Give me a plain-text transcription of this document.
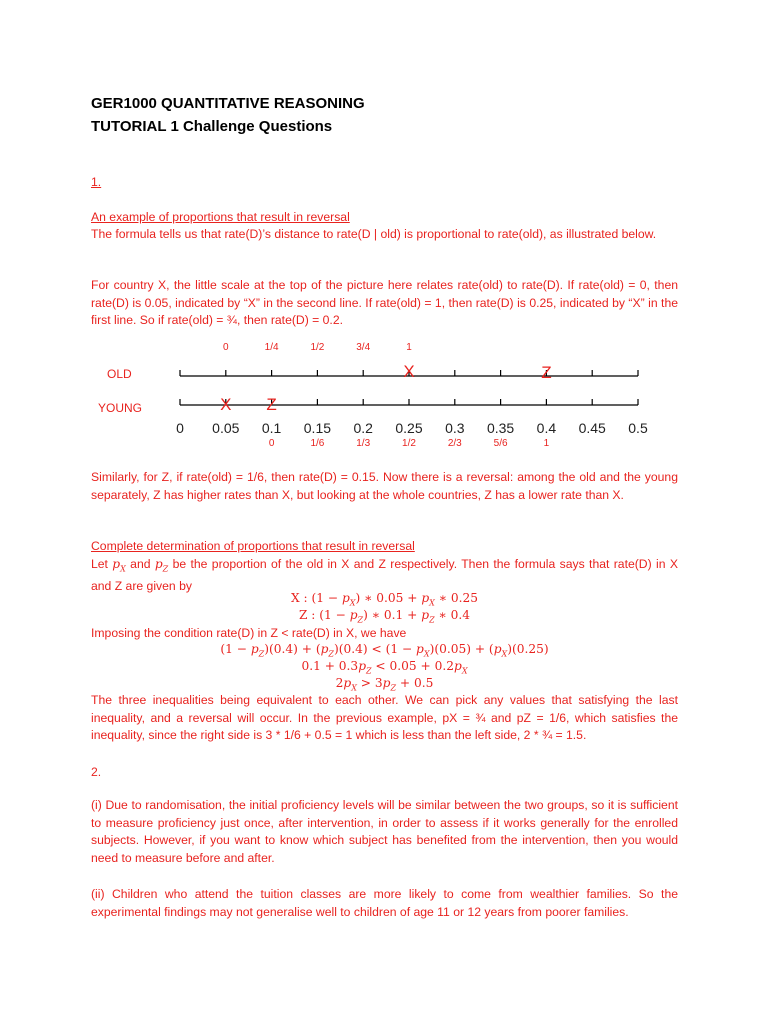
GER1000 QUANTITATIVE REASONING
TUTORIAL 1 Challenge Questions
1.
An example of proportions that result in reversal

The formula tells us that rate(D)’s distance to rate(D | old) is proportional to rate(old), as illustrated below.

For country X, the little scale at the top of the picture here relates rate(old) to rate(D). If rate(old) = 0, then rate(D) is 0.05, indicated by “X” in the second line. If rate(old) = 1, then rate(D) is 0.25, indicated by “X” in the first line. So if rate(old) = ¾, then rate(D) = 0.2.

0	1/4	1/2	3/4	1
OLD
YOUNG
0 0.05 0.1 0.15 0.2 0.25 0.3 0.35 0.4 0.45 0.5
0	1/6	1/3	1/2	2/3	5/6	1
X	Z
X Z

Similarly, for Z, if rate(old) = 1/6, then rate(D) = 0.15. Now there is a reversal: among the old and the young separately, Z has higher rates than X, but looking at the whole countries, Z has a lower rate than X.

Complete determination of proportions that result in reversal

Let $p_X$ and $p_Z$ be the proportion of the old in X and Z respectively. Then the formula says that rate(D) in X and Z are given by

X : $(1 - p_X)$ ∗ $0.05 + p_X$ ∗ 0.25
Z : $(1 - p_Z)$ ∗ $0.1 + p_Z$ ∗ 0.4

Imposing the condition rate(D) in Z < rate(D) in X, we have

$(1 - p_Z)(0.4) + (p_Z)(0.4) < (1 - p_X)(0.05) + (p_X)(0.25)$
$0.1 + 0.3p_Z < 0.05 + 0.2p_X$
$2p_X > 3p_Z + 0.5$

The three inequalities being equivalent to each other. We can pick any values that satisfying the last inequality, and a reversal will occur. In the previous example, pX = ¾ and pZ = 1/6, which satisfies the inequality, since the right side is 3 * 1/6 + 0.5 = 1 which is less than the left side, 2 * ¾ = 1.5.

2.

(i) Due to randomisation, the initial proficiency levels will be similar between the two groups, so it is sufficient to measure proficiency just once, after intervention, in order to assess if it works generally for the enrolled subjects. However, if you want to know which subject has benefited from the intervention, then you would need to measure before and after.

(ii) Children who attend the tuition classes are more likely to come from wealthier families. So the experimental findings may not generalise well to children of age 11 or 12 years from poorer families.
